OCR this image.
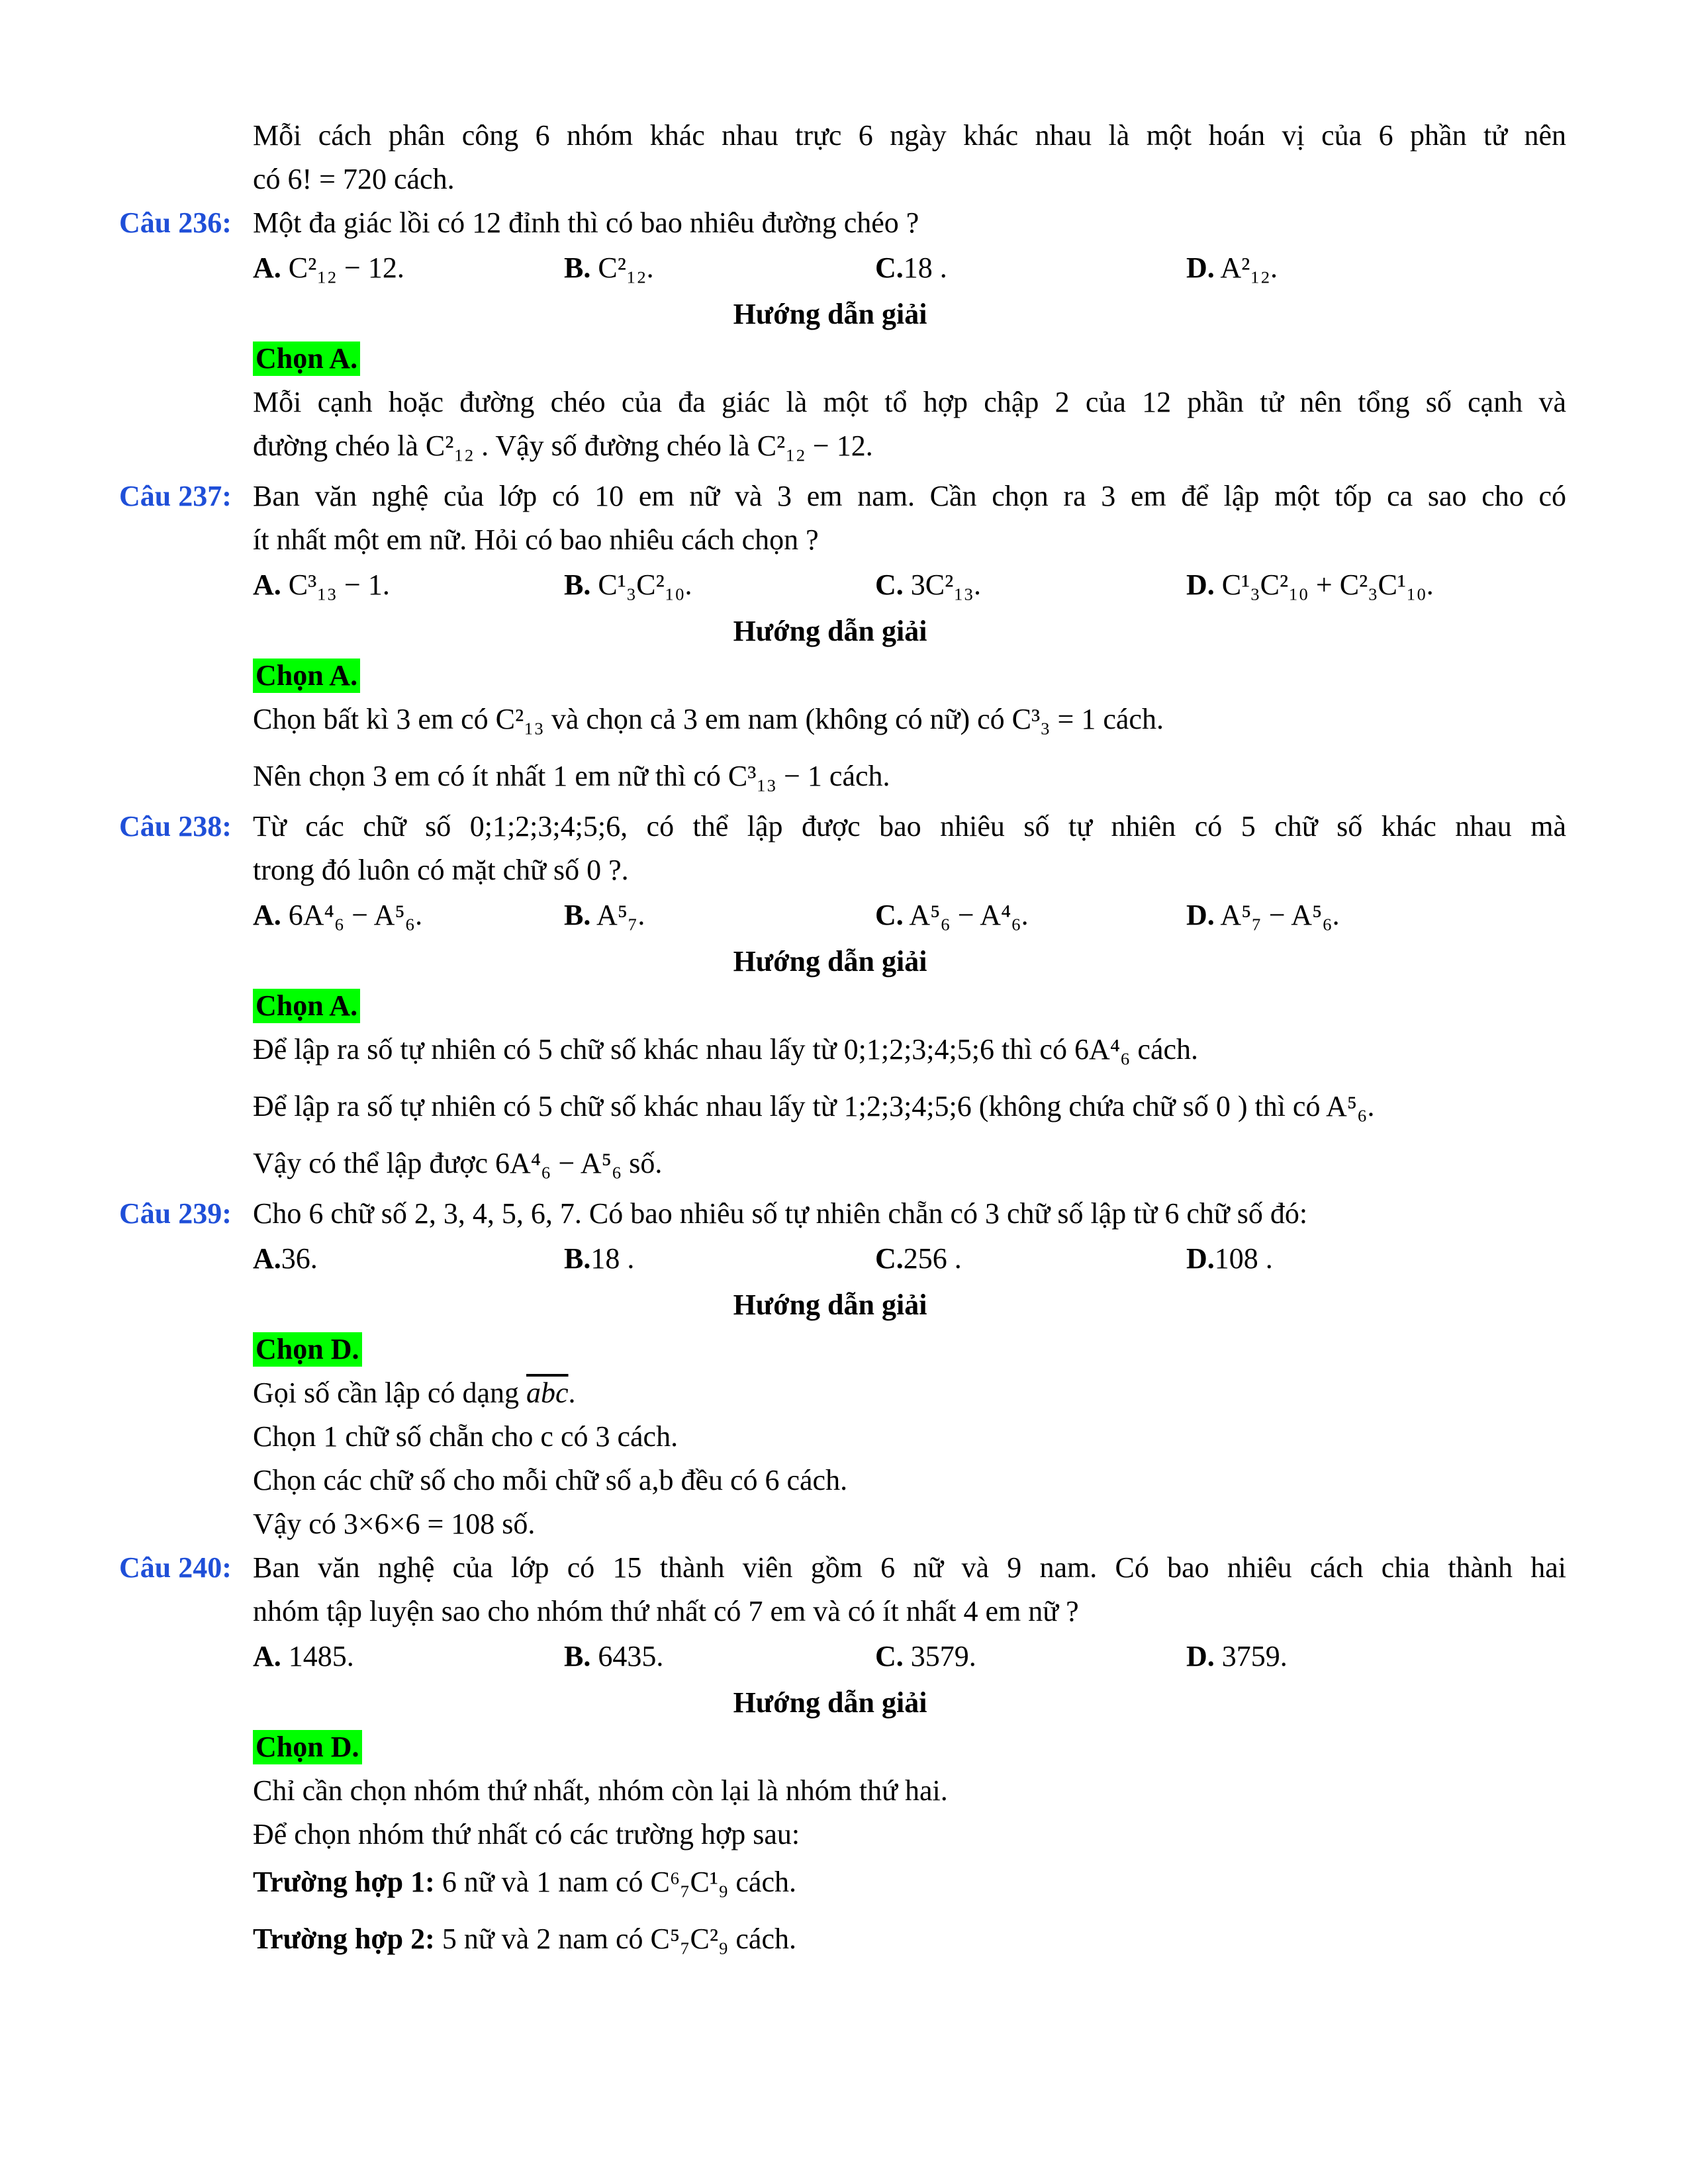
Mỗi cách phân công 6 nhóm khác nhau trực 6 ngày khác nhau là một hoán vị của 6 phần tử nên
có 6! = 720 cách.
Câu 236: Một đa giác lồi có 12 đỉnh thì có bao nhiêu đường chéo ?
A. C²₁₂ − 12.	B. C²₁₂.	C.18 .	D. A²₁₂.
Hướng dẫn giải
Chọn A.
Mỗi cạnh hoặc đường chéo của đa giác là một tổ hợp chập 2 của 12 phần tử nên tổng số cạnh và
đường chéo là C²₁₂ . Vậy số đường chéo là C²₁₂ − 12.
Câu 237: Ban văn nghệ của lớp có 10 em nữ và 3 em nam. Cần chọn ra 3 em để lập một tốp ca sao cho có
ít nhất một em nữ. Hỏi có bao nhiêu cách chọn ?
A. C³₁₃ − 1.	B. C¹₃C²₁₀.	C. 3C²₁₃.	D. C¹₃C²₁₀ + C²₃C¹₁₀.
Hướng dẫn giải
Chọn A.
Chọn bất kì 3 em có C²₁₃ và chọn cả 3 em nam (không có nữ) có C³₃ = 1 cách.
Nên chọn 3 em có ít nhất 1 em nữ thì có C³₁₃ − 1 cách.
Câu 238: Từ các chữ số 0;1;2;3;4;5;6, có thể lập được bao nhiêu số tự nhiên có 5 chữ số khác nhau mà
trong đó luôn có mặt chữ số 0 ?.
A. 6A⁴₆ − A⁵₆.	B. A⁵₇.	C. A⁵₆ − A⁴₆.	D. A⁵₇ − A⁵₆.
Hướng dẫn giải
Chọn A.
Để lập ra số tự nhiên có 5 chữ số khác nhau lấy từ 0;1;2;3;4;5;6 thì có 6A⁴₆ cách.
Để lập ra số tự nhiên có 5 chữ số khác nhau lấy từ 1;2;3;4;5;6 (không chứa chữ số 0 ) thì có A⁵₆.
Vậy có thể lập được 6A⁴₆ − A⁵₆ số.
Câu 239: Cho 6 chữ số 2, 3, 4, 5, 6, 7. Có bao nhiêu số tự nhiên chẵn có 3 chữ số lập từ 6 chữ số đó:
A.36.	B.18 .	C.256 .	D.108 .
Hướng dẫn giải
Chọn D.
Gọi số cần lập có dạng $\overline{abc}$.
Chọn 1 chữ số chẵn cho c có 3 cách.
Chọn các chữ số cho mỗi chữ số a,b đều có 6 cách.
Vậy có 3×6×6 = 108 số.
Câu 240: Ban văn nghệ của lớp có 15 thành viên gồm 6 nữ và 9 nam. Có bao nhiêu cách chia thành hai
nhóm tập luyện sao cho nhóm thứ nhất có 7 em và có ít nhất 4 em nữ ?
A. 1485.	B. 6435.	C. 3579.	D. 3759.
Hướng dẫn giải
Chọn D.
Chỉ cần chọn nhóm thứ nhất, nhóm còn lại là nhóm thứ hai.
Để chọn nhóm thứ nhất có các trường hợp sau:
Trường hợp 1: 6 nữ và 1 nam có C⁶₇C¹₉ cách.
Trường hợp 2: 5 nữ và 2 nam có C⁵₇C²₉ cách.
